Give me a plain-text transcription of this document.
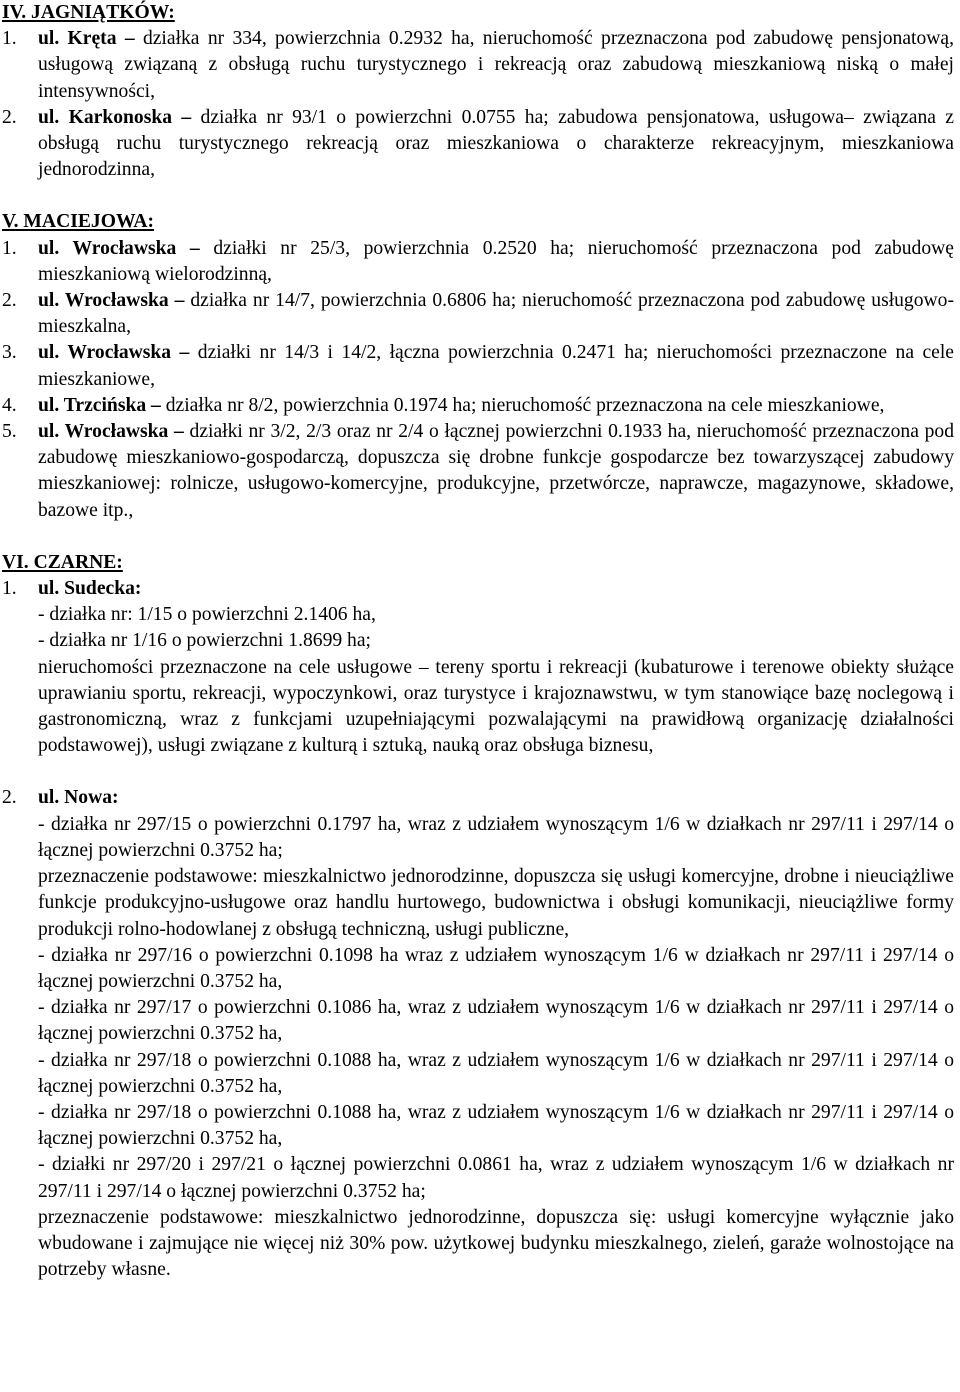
IV. JAGNIĄTKÓW:
1. ul. Kręta – działka nr 334, powierzchnia 0.2932 ha, nieruchomość przeznaczona pod zabudowę pensjonatową, usługową związaną z obsługą ruchu turystycznego i rekreacją oraz zabudową mieszkaniową niską o małej intensywności,
2. ul. Karkonoska – działka nr 93/1 o powierzchni 0.0755 ha; zabudowa pensjonatowa, usługowa– związana z obsługą ruchu turystycznego rekreacją oraz mieszkaniowa o charakterze rekreacyjnym, mieszkaniowa jednorodzinna,
V. MACIEJOWA:
1. ul. Wrocławska – działki nr 25/3, powierzchnia 0.2520 ha; nieruchomość przeznaczona pod zabudowę mieszkaniową wielorodzinną,
2. ul. Wrocławska – działka nr 14/7, powierzchnia 0.6806 ha; nieruchomość przeznaczona pod zabudowę usługowo-mieszkalna,
3. ul. Wrocławska – działki nr 14/3 i 14/2, łączna powierzchnia 0.2471 ha; nieruchomości przeznaczone na cele mieszkaniowe,
4. ul. Trzcińska – działka nr 8/2, powierzchnia 0.1974 ha; nieruchomość przeznaczona na cele mieszkaniowe,
5. ul. Wrocławska – działki nr 3/2, 2/3 oraz nr 2/4 o łącznej powierzchni 0.1933 ha, nieruchomość przeznaczona pod zabudowę mieszkaniowo-gospodarczą, dopuszcza się drobne funkcje gospodarcze bez towarzyszącej zabudowy mieszkaniowej: rolnicze, usługowo-komercyjne, produkcyjne, przetwórcze, naprawcze, magazynowe, składowe, bazowe itp.,
VI. CZARNE:
1. ul. Sudecka:
- działka nr: 1/15 o powierzchni 2.1406 ha,
- działka nr 1/16 o powierzchni 1.8699 ha;
nieruchomości przeznaczone na cele usługowe – tereny sportu i rekreacji (kubaturowe i terenowe obiekty służące uprawianiu sportu, rekreacji, wypoczynkowi, oraz turystyce i krajoznawstwu, w tym stanowiące bazę noclegową i gastronomiczną, wraz z funkcjami uzupełniającymi pozwalającymi na prawidłową organizację działalności podstawowej), usługi związane z kulturą i sztuką, nauką oraz obsługa biznesu,
2. ul. Nowa:
- działka nr 297/15 o powierzchni 0.1797 ha, wraz z udziałem wynoszącym 1/6 w działkach nr 297/11 i 297/14 o łącznej powierzchni 0.3752 ha;
przeznaczenie podstawowe: mieszkalnictwo jednorodzinne, dopuszcza się usługi komercyjne, drobne i nieuciążliwe funkcje produkcyjno-usługowe oraz handlu hurtowego, budownictwa i obsługi komunikacji, nieuciążliwe formy produkcji rolno-hodowlanej z obsługą techniczną, usługi publiczne,
- działka nr 297/16 o powierzchni 0.1098 ha wraz z udziałem wynoszącym 1/6 w działkach nr 297/11 i 297/14 o łącznej powierzchni 0.3752 ha,
- działka nr 297/17 o powierzchni 0.1086 ha, wraz z udziałem wynoszącym 1/6 w działkach nr 297/11 i 297/14 o łącznej powierzchni 0.3752 ha,
- działka nr 297/18 o powierzchni 0.1088 ha, wraz z udziałem wynoszącym 1/6 w działkach nr 297/11 i 297/14 o łącznej powierzchni 0.3752 ha,
- działka nr 297/18 o powierzchni 0.1088 ha, wraz z udziałem wynoszącym 1/6 w działkach nr 297/11 i 297/14 o łącznej powierzchni 0.3752 ha,
- działki nr 297/20 i 297/21 o łącznej powierzchni 0.0861 ha, wraz z udziałem wynoszącym 1/6 w działkach nr 297/11 i 297/14 o łącznej powierzchni 0.3752 ha;
przeznaczenie podstawowe: mieszkalnictwo jednorodzinne, dopuszcza się: usługi komercyjne wyłącznie jako wbudowane i zajmujące nie więcej niż 30% pow. użytkowej budynku mieszkalnego, zieleń, garaże wolnostojące na potrzeby własne.
